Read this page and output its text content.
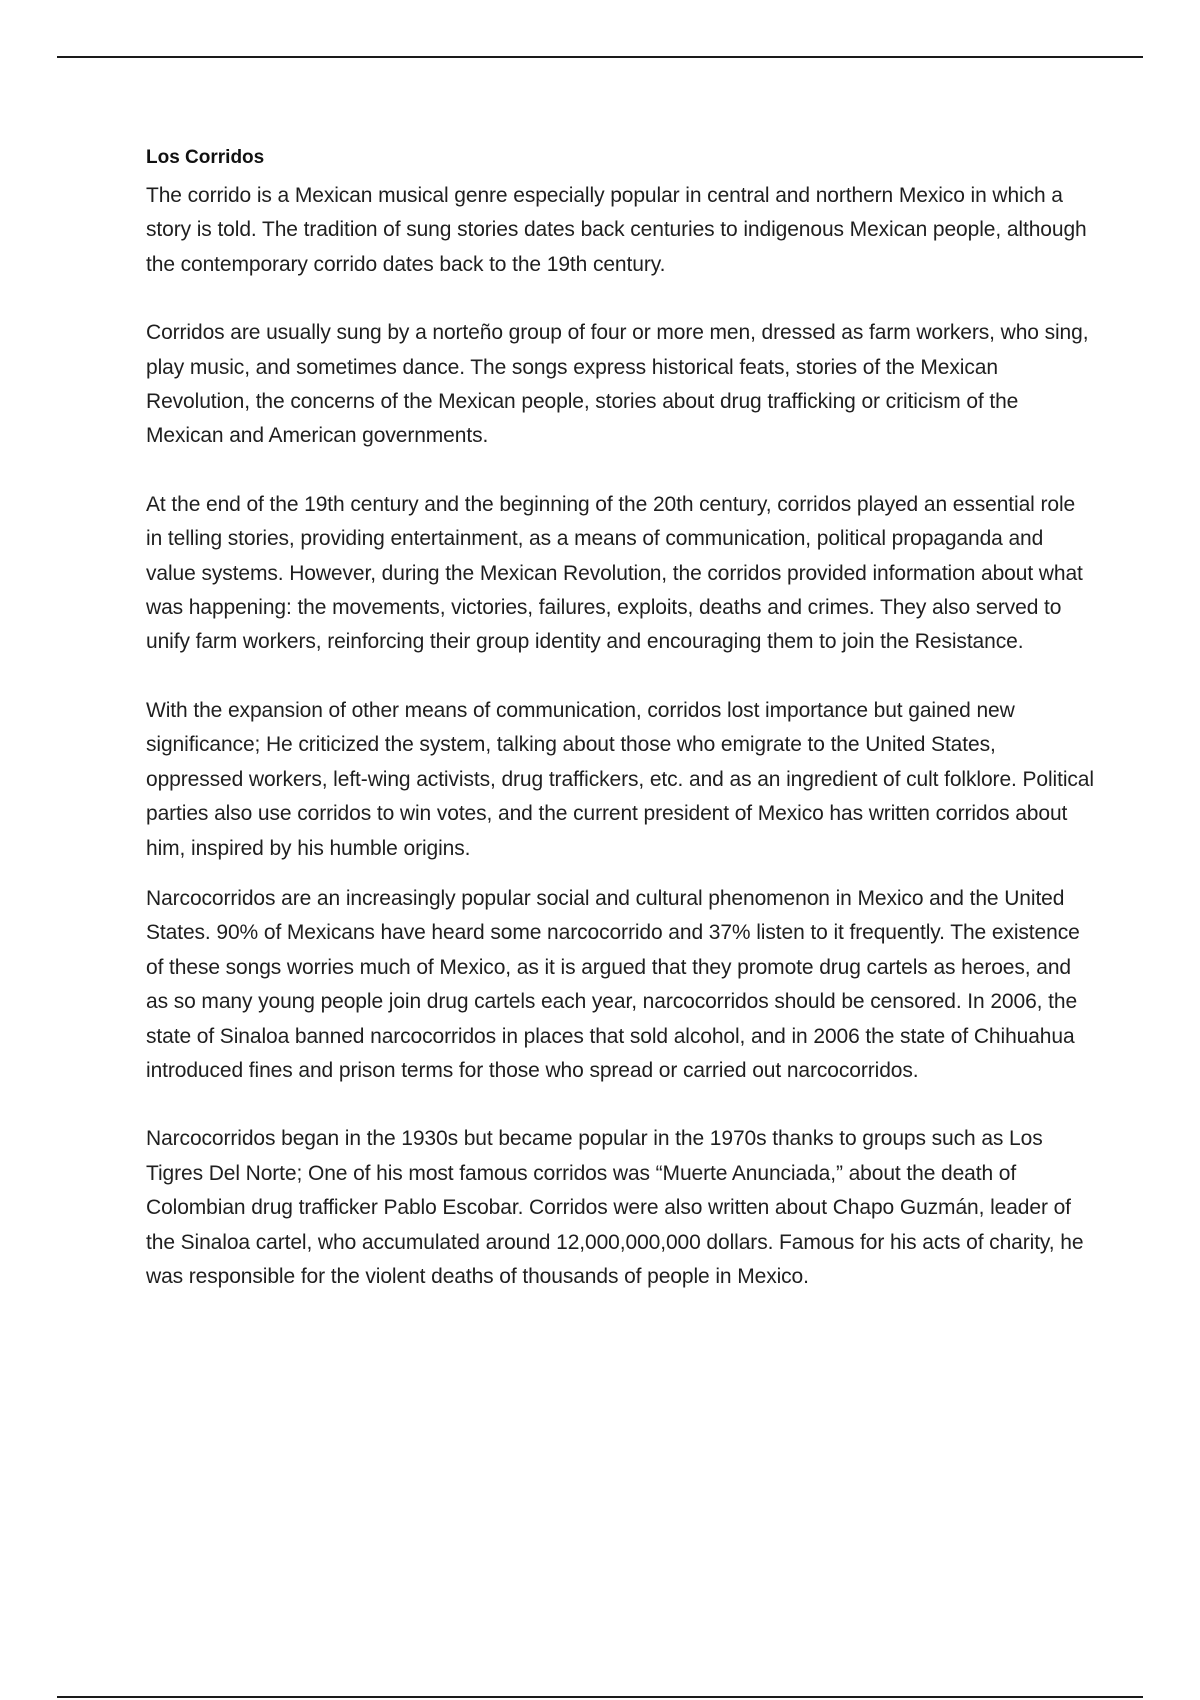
Los Corridos

The corrido is a Mexican musical genre especially popular in central and northern Mexico in which a story is told. The tradition of sung stories dates back centuries to indigenous Mexican people, although the contemporary corrido dates back to the 19th century.

Corridos are usually sung by a norteño group of four or more men, dressed as farm workers, who sing, play music, and sometimes dance. The songs express historical feats, stories of the Mexican Revolution, the concerns of the Mexican people, stories about drug trafficking or criticism of the Mexican and American governments.

At the end of the 19th century and the beginning of the 20th century, corridos played an essential role in telling stories, providing entertainment, as a means of communication, political propaganda and value systems. However, during the Mexican Revolution, the corridos provided information about what was happening: the movements, victories, failures, exploits, deaths and crimes. They also served to unify farm workers, reinforcing their group identity and encouraging them to join the Resistance.

With the expansion of other means of communication, corridos lost importance but gained new significance; He criticized the system, talking about those who emigrate to the United States, oppressed workers, left-wing activists, drug traffickers, etc. and as an ingredient of cult folklore. Political parties also use corridos to win votes, and the current president of Mexico has written corridos about him, inspired by his humble origins.

Narcocorridos are an increasingly popular social and cultural phenomenon in Mexico and the United States. 90% of Mexicans have heard some narcocorrido and 37% listen to it frequently. The existence of these songs worries much of Mexico, as it is argued that they promote drug cartels as heroes, and as so many young people join drug cartels each year, narcocorridos should be censored. In 2006, the state of Sinaloa banned narcocorridos in places that sold alcohol, and in 2006 the state of Chihuahua introduced fines and prison terms for those who spread or carried out narcocorridos.

Narcocorridos began in the 1930s but became popular in the 1970s thanks to groups such as Los Tigres Del Norte; One of his most famous corridos was “Muerte Anunciada,” about the death of Colombian drug trafficker Pablo Escobar. Corridos were also written about Chapo Guzmán, leader of the Sinaloa cartel, who accumulated around 12,000,000,000 dollars. Famous for his acts of charity, he was responsible for the violent deaths of thousands of people in Mexico.
